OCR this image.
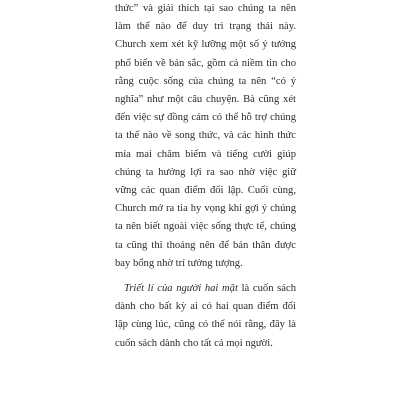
thức” và giải thích tại sao chúng ta nên làm thế nào để duy trì trạng thái này. Church xem xét kỹ lưỡng một số ý tưởng phổ biến về bản sắc, gồm cả niềm tin cho rằng cuộc sống của chúng ta nên “có ý nghĩa” như một câu chuyện. Bà cũng xét đến việc sự đồng cảm có thể hỗ trợ chúng ta thế nào về song thức, và các hình thức mỉa mai châm biếm và tiếng cười giúp chúng ta hưởng lợi ra sao nhờ việc giữ vững các quan điểm đối lập. Cuối cùng, Church mở ra tia hy vọng khi gợi ý chúng ta nên biết ngoài việc sống thực tế, chúng ta cũng thi thoảng nên để bản thân được bay bổng nhờ trí tưởng tượng.

Triết lí của người hai mặt là cuốn sách dành cho bất kỳ ai có hai quan điểm đối lập cùng lúc, cũng có thể nói rằng, đây là cuốn sách dành cho tất cả mọi người.
